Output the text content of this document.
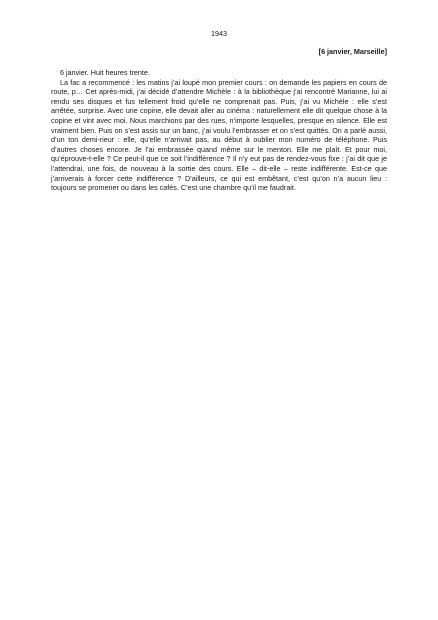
1943
[6 janvier, Marseille]

6 janvier. Huit heures trente.

La fac a recommencé : les matins j’ai loupé mon premier cours : on demande les papiers en cours de route, p… Cet après-midi, j’ai décidé d’attendre Michèle : à la bibliothèque j’ai rencontré Marianne, lui ai rendu ses disques et fus tellement froid qu’elle ne comprenait pas. Puis, j’ai vu Michèle : elle s’est arrêtée, surprise. Avec une copine, elle devait aller au cinéma : naturellement elle dit quelque chose à la copine et vint avec moi. Nous marchions par des rues, n’importe lesquelles, presque en silence. Elle est vraiment bien. Puis on s’est assis sur un banc, j’ai voulu l’embrasser et on s’est quittés. On a parlé aussi, d’un ton demi-rieur : elle, qu’elle n’arrivait pas, au début à oublier mon numéro de téléphone. Puis d’autres choses encore. Je l’ai embrassée quand même sur le menton. Elle me plaît. Et pour moi, qu’éprouve-t-elle ? Ce peut-il que ce soit l’indifférence ? Il n’y eut pas de rendez-vous fixe : j’ai dit que je l’attendrai, une fois, de nouveau à la sortie des cours. Elle – dit-elle – reste indifférente. Est-ce que j’arriverais à forcer cette indifférence ? D’ailleurs, ce qui est embêtant, c’est qu’on n’a aucun lieu : toujours se promener ou dans les cafés. C’est une chambre qu’il me faudrait.
